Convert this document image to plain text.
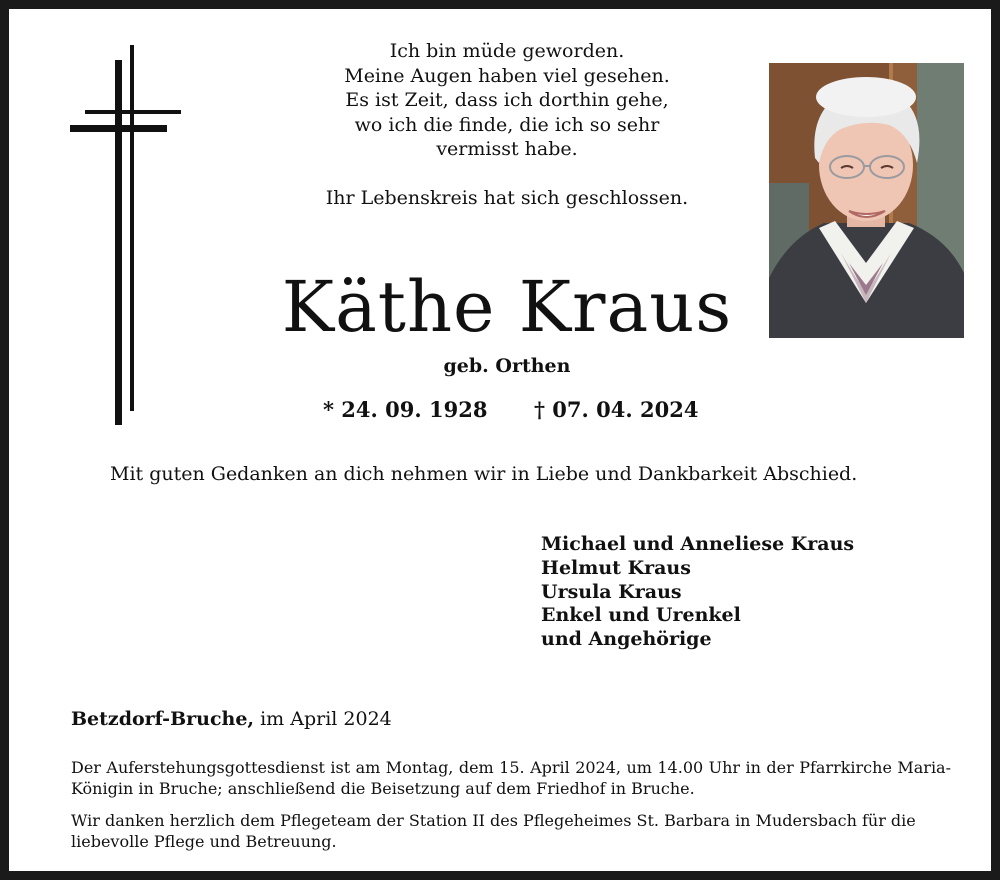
Ich bin müde geworden.
Meine Augen haben viel gesehen.
Es ist Zeit, dass ich dorthin gehe,
wo ich die finde, die ich so sehr
vermisst habe.
Ihr Lebenskreis hat sich geschlossen.
Käthe Kraus
geb. Orthen
* 24. 09. 1928 † 07. 04. 2024
Mit guten Gedanken an dich nehmen wir in Liebe und Dankbarkeit Abschied.
Michael und Anneliese Kraus
Helmut Kraus
Ursula Kraus
Enkel und Urenkel
und Angehörige
Betzdorf-Bruche, im April 2024
Der Auferstehungsgottesdienst ist am Montag, dem 15. April 2024, um 14.00 Uhr in der Pfarrkirche Maria-Königin in Bruche; anschließend die Beisetzung auf dem Friedhof in Bruche.
Wir danken herzlich dem Pflegeteam der Station II des Pflegeheimes St. Barbara in Mudersbach für die liebevolle Pflege und Betreuung.
